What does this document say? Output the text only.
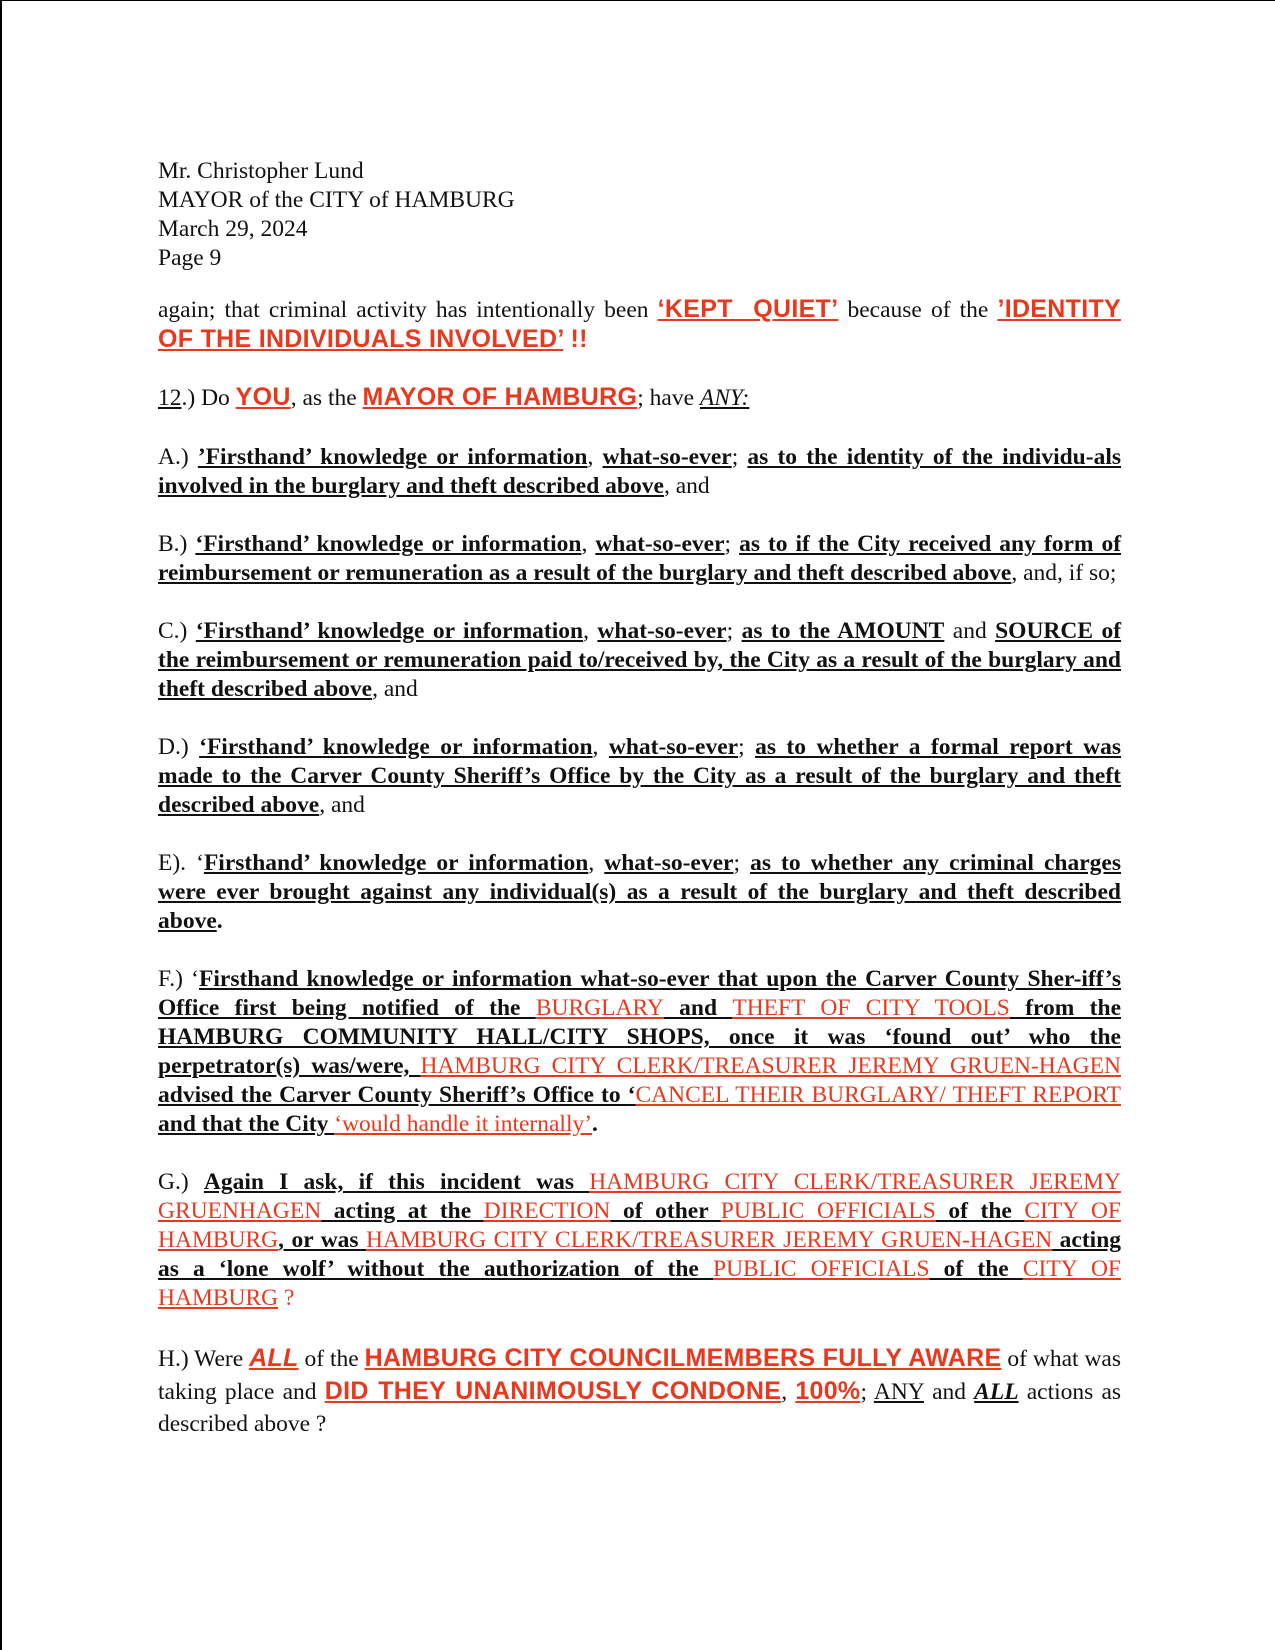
Mr. Christopher Lund
MAYOR of the CITY of HAMBURG
March 29, 2024
Page 9

again; that criminal activity has intentionally been ‘KEPT QUIET’ because of the ’IDENTITY OF THE INDIVIDUALS INVOLVED’ !!

12.) Do YOU, as the MAYOR OF HAMBURG; have ANY:

A.) ’Firsthand’ knowledge or information, what-so-ever; as to the identity of the individu-als involved in the burglary and theft described above, and

B.) ‘Firsthand’ knowledge or information, what-so-ever; as to if the City received any form of reimbursement or remuneration as a result of the burglary and theft described above, and, if so;

C.) ‘Firsthand’ knowledge or information, what-so-ever; as to the AMOUNT and SOURCE of the reimbursement or remuneration paid to/received by, the City as a result of the burglary and theft described above, and

D.) ‘Firsthand’ knowledge or information, what-so-ever; as to whether a formal report was made to the Carver County Sheriff’s Office by the City as a result of the burglary and theft described above, and

E). ‘Firsthand’ knowledge or information, what-so-ever; as to whether any criminal charges were ever brought against any individual(s) as a result of the burglary and theft described above.

F.) ‘Firsthand knowledge or information what-so-ever that upon the Carver County Sher-iff’s Office first being notified of the BURGLARY and THEFT OF CITY TOOLS from the HAMBURG COMMUNITY HALL/CITY SHOPS, once it was ‘found out’ who the perpetrator(s) was/were, HAMBURG CITY CLERK/TREASURER JEREMY GRUEN-HAGEN advised the Carver County Sheriff’s Office to ‘CANCEL THEIR BURGLARY/ THEFT REPORT and that the City ‘would handle it internally’.

G.) Again I ask, if this incident was HAMBURG CITY CLERK/TREASURER JEREMY GRUENHAGEN acting at the DIRECTION of other PUBLIC OFFICIALS of the CITY OF HAMBURG, or was HAMBURG CITY CLERK/TREASURER JEREMY GRUEN-HAGEN acting as a ‘lone wolf’ without the authorization of the PUBLIC OFFICIALS of the CITY OF HAMBURG ?

H.) Were ALL of the HAMBURG CITY COUNCILMEMBERS FULLY AWARE of what was taking place and DID THEY UNANIMOUSLY CONDONE, 100%; ANY and ALL actions as described above ?
